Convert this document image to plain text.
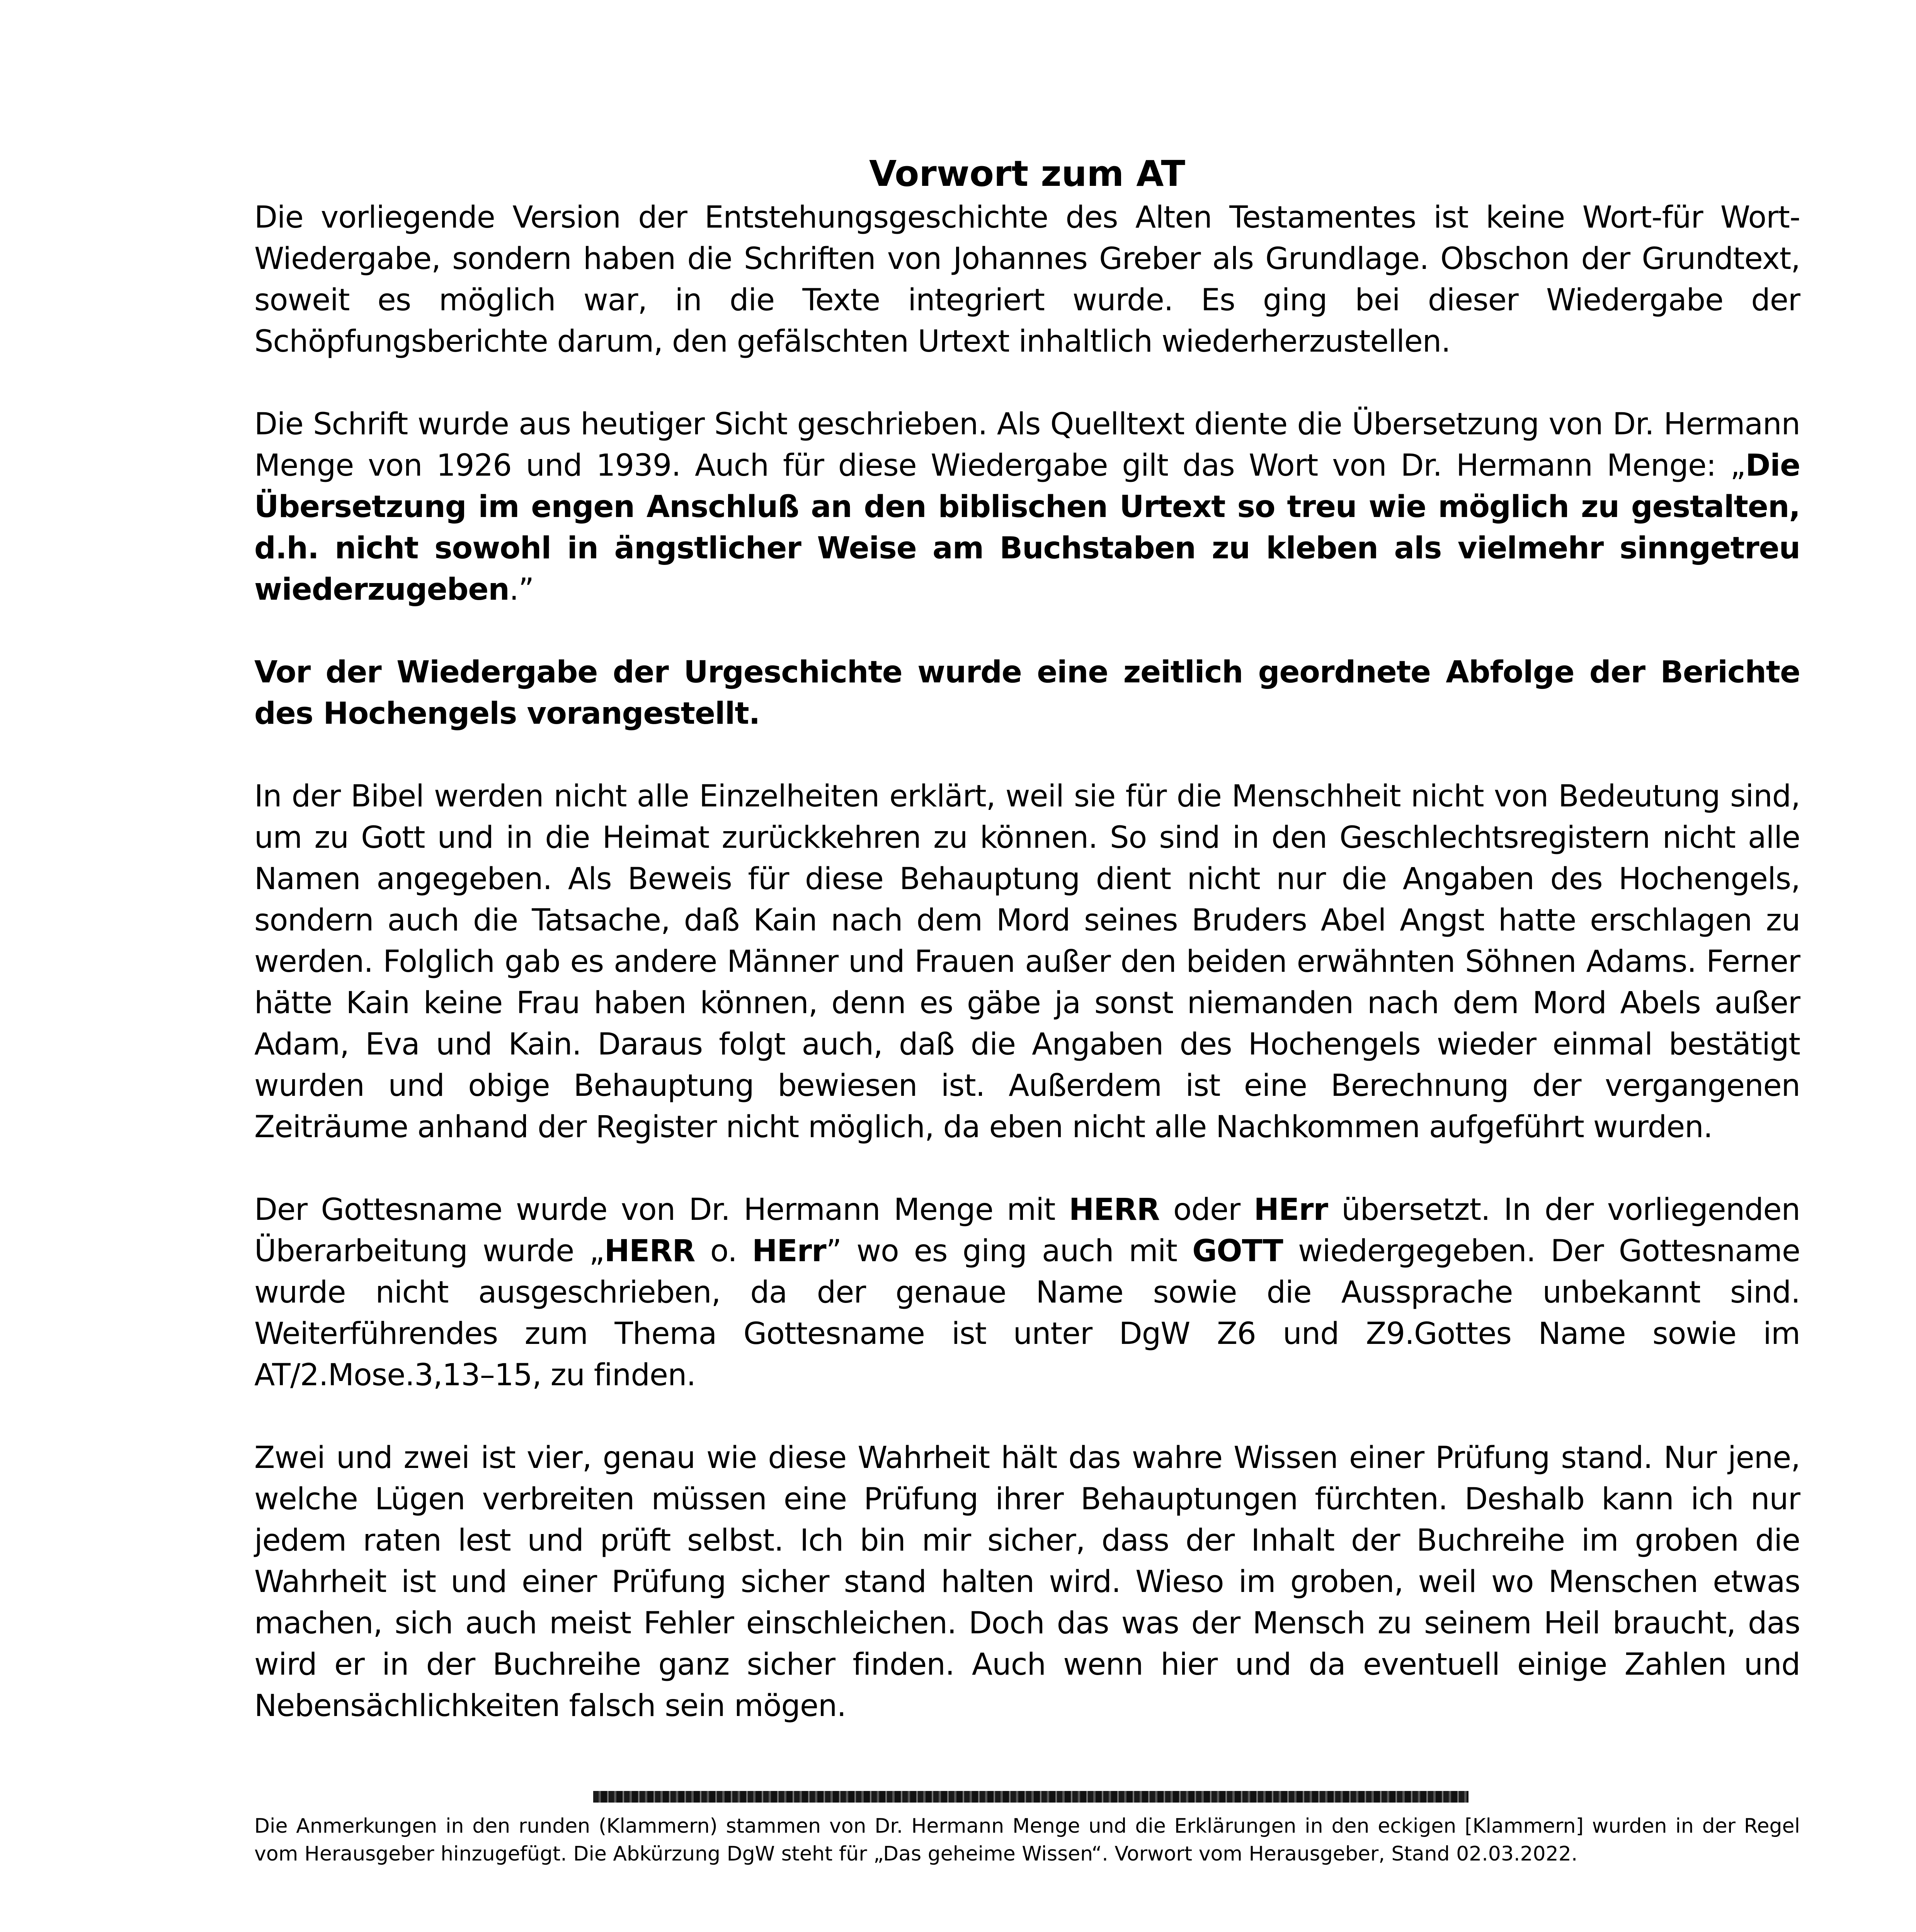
Vorwort zum AT

Die vorliegende Version der Entstehungsgeschichte des Alten Testamentes ist keine Wort-für Wort-Wiedergabe, sondern haben die Schriften von Johannes Greber als Grundlage. Obschon der Grundtext, soweit es möglich war, in die Texte integriert wurde. Es ging bei dieser Wiedergabe der Schöpfungsberichte darum, den gefälschten Urtext inhaltlich wiederherzustellen.

Die Schrift wurde aus heutiger Sicht geschrieben. Als Quelltext diente die Übersetzung von Dr. Hermann Menge von 1926 und 1939. Auch für diese Wiedergabe gilt das Wort von Dr. Hermann Menge: „Die Übersetzung im engen Anschluß an den biblischen Urtext so treu wie möglich zu gestalten, d.h. nicht sowohl in ängstlicher Weise am Buchstaben zu kleben als vielmehr sinngetreu wiederzugeben.”

Vor der Wiedergabe der Urgeschichte wurde eine zeitlich geordnete Abfolge der Berichte des Hochengels vorangestellt.

In der Bibel werden nicht alle Einzelheiten erklärt, weil sie für die Menschheit nicht von Bedeutung sind, um zu Gott und in die Heimat zurückkehren zu können. So sind in den Geschlechtsregistern nicht alle Namen angegeben. Als Beweis für diese Behauptung dient nicht nur die Angaben des Hochengels, sondern auch die Tatsache, daß Kain nach dem Mord seines Bruders Abel Angst hatte erschlagen zu werden. Folglich gab es andere Männer und Frauen außer den beiden erwähnten Söhnen Adams. Ferner hätte Kain keine Frau haben können, denn es gäbe ja sonst niemanden nach dem Mord Abels außer Adam, Eva und Kain. Daraus folgt auch, daß die Angaben des Hochengels wieder einmal bestätigt wurden und obige Behauptung bewiesen ist. Außerdem ist eine Berechnung der vergangenen Zeiträume anhand der Register nicht möglich, da eben nicht alle Nachkommen aufgeführt wurden.

Der Gottesname wurde von Dr. Hermann Menge mit HERR oder HErr übersetzt. In der vorliegenden Überarbeitung wurde „HERR o. HErr” wo es ging auch mit GOTT wiedergegeben. Der Gottesname wurde nicht ausgeschrieben, da der genaue Name sowie die Aussprache unbekannt sind. Weiterführendes zum Thema Gottesname ist unter DgW Z6 und Z9.Gottes Name sowie im AT/2.Mose.3,13–15, zu finden.

Zwei und zwei ist vier, genau wie diese Wahrheit hält das wahre Wissen einer Prüfung stand. Nur jene, welche Lügen verbreiten müssen eine Prüfung ihrer Behauptungen fürchten. Deshalb kann ich nur jedem raten lest und prüft selbst. Ich bin mir sicher, dass der Inhalt der Buchreihe im groben die Wahrheit ist und einer Prüfung sicher stand halten wird. Wieso im groben, weil wo Menschen etwas machen, sich auch meist Fehler einschleichen. Doch das was der Mensch zu seinem Heil braucht, das wird er in der Buchreihe ganz sicher finden. Auch wenn hier und da eventuell einige Zahlen und Nebensächlichkeiten falsch sein mögen.

Die Anmerkungen in den runden (Klammern) stammen von Dr. Hermann Menge und die Erklärungen in den eckigen [Klammern] wurden in der Regel vom Herausgeber hinzugefügt. Die Abkürzung DgW steht für „Das geheime Wissen“. Vorwort vom Herausgeber, Stand 02.03.2022.
